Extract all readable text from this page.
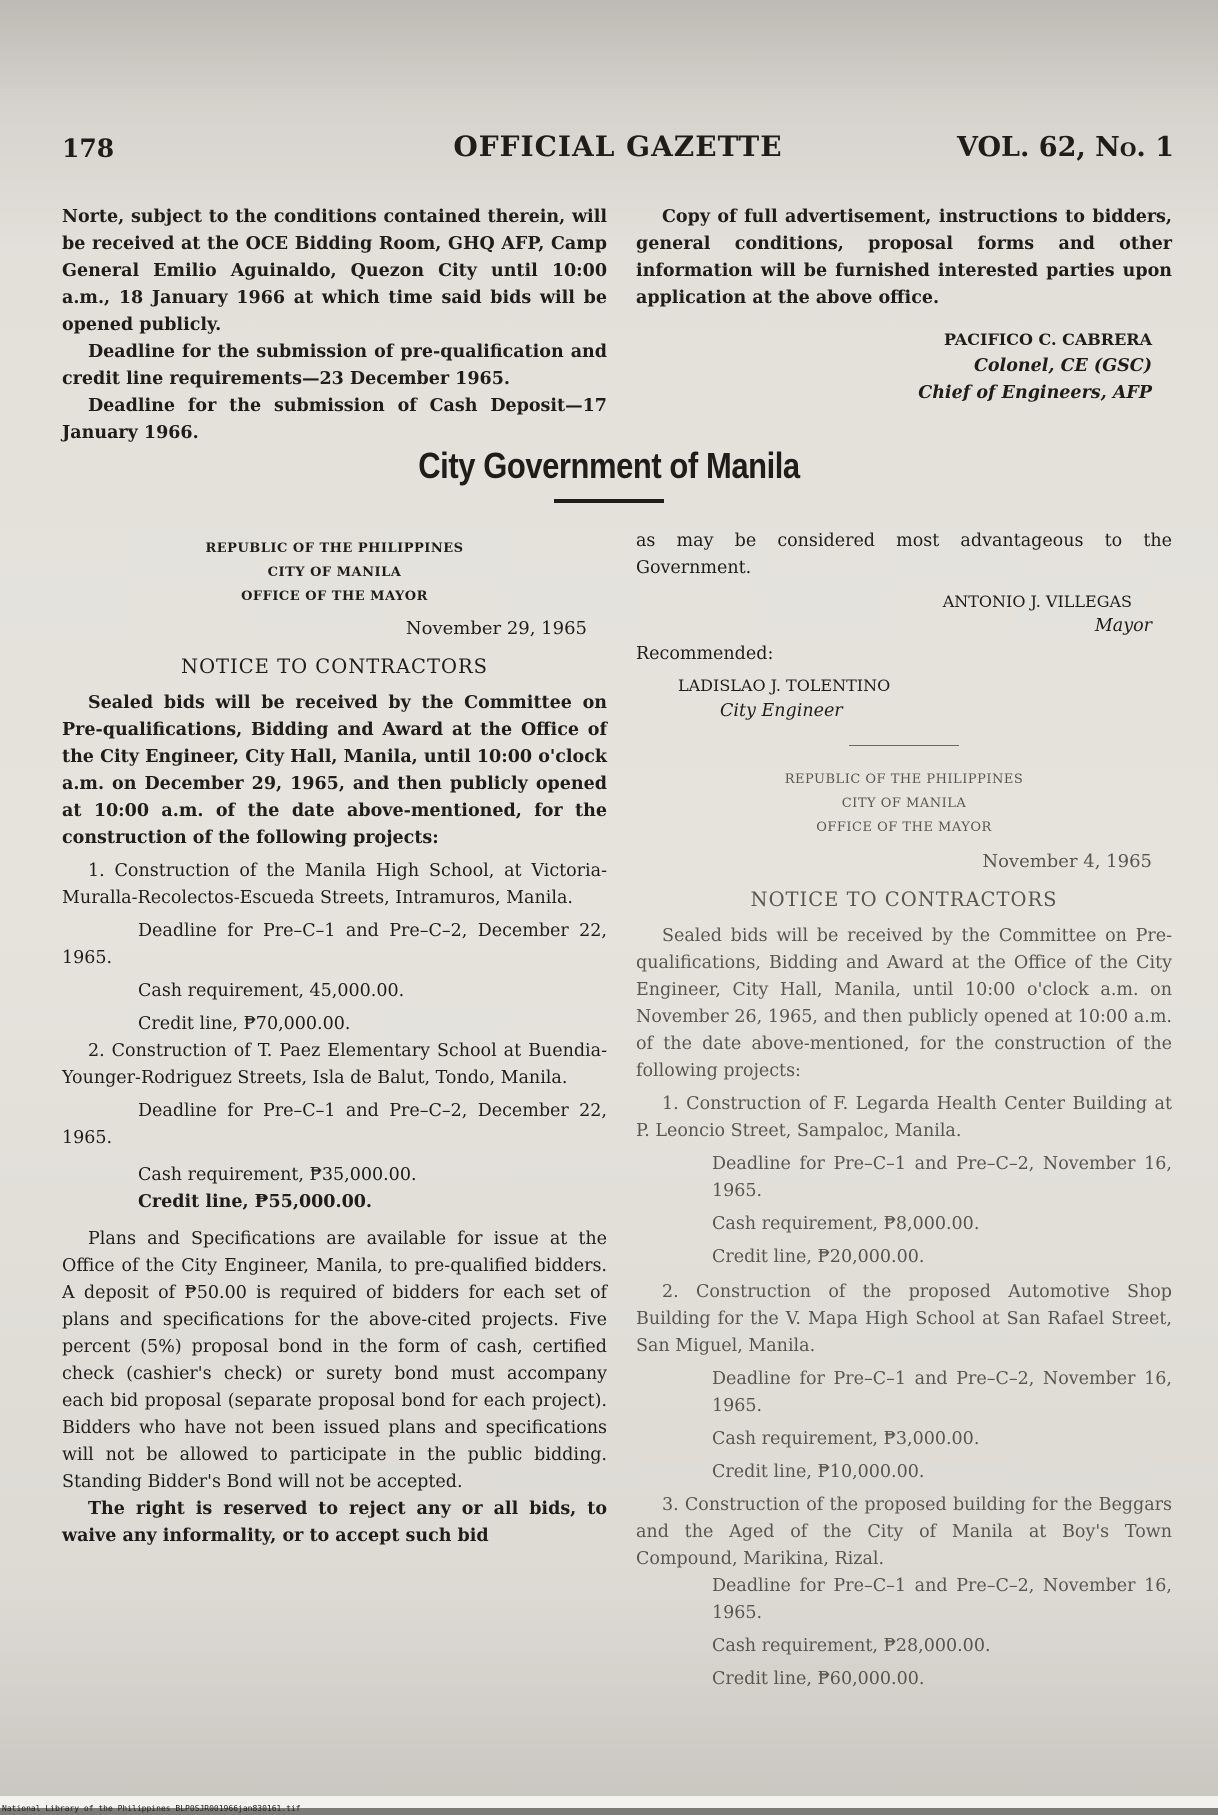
178	OFFICIAL GAZETTE	VOL. 62, No. 1

Norte, subject to the conditions contained therein, will be received at the OCE Bidding Room, GHQ AFP, Camp General Emilio Aguinaldo, Quezon City until 10:00 a.m., 18 January 1966 at which time said bids will be opened publicly.

Deadline for the submission of pre-qualification and credit line requirements—23 December 1965.

Deadline for the submission of Cash Deposit—17 January 1966.

Copy of full advertisement, instructions to bidders, general conditions, proposal forms and other information will be furnished interested parties upon application at the above office.

PACIFICO C. CABRERA

Colonel, CE (GSC)

Chief of Engineers, AFP

City Government of Manila

REPUBLIC OF THE PHILIPPINES

CITY OF MANILA

OFFICE OF THE MAYOR

November 29, 1965

NOTICE TO CONTRACTORS

Sealed bids will be received by the Committee on Pre-qualifications, Bidding and Award at the Office of the City Engineer, City Hall, Manila, until 10:00 o'clock a.m. on December 29, 1965, and then publicly opened at 10:00 a.m. of the date above-mentioned, for the construction of the following projects:

1. Construction of the Manila High School, at Victoria-Muralla-Recolectos-Escueda Streets, Intramuros, Manila.

Deadline for Pre–C–1 and Pre–C–2, December 22, 1965.

Cash requirement, 45,000.00.

Credit line, ₱70,000.00.

2. Construction of T. Paez Elementary School at Buendia-Younger-Rodriguez Streets, Isla de Balut, Tondo, Manila.

Deadline for Pre–C–1 and Pre–C–2, December 22, 1965.

Cash requirement, ₱35,000.00.

Credit line, ₱55,000.00.

Plans and Specifications are available for issue at the Office of the City Engineer, Manila, to pre-qualified bidders. A deposit of ₱50.00 is required of bidders for each set of plans and specifications for the above-cited projects. Five percent (5%) proposal bond in the form of cash, certified check (cashier's check) or surety bond must accompany each bid proposal (separate proposal bond for each project). Bidders who have not been issued plans and specifications will not be allowed to participate in the public bidding. Standing Bidder's Bond will not be accepted.

The right is reserved to reject any or all bids, to waive any informality, or to accept such bid

as may be considered most advantageous to the Government.

ANTONIO J. VILLEGAS

Mayor

Recommended:

LADISLAO J. TOLENTINO

City Engineer

REPUBLIC OF THE PHILIPPINES

CITY OF MANILA

OFFICE OF THE MAYOR

November 4, 1965

NOTICE TO CONTRACTORS

Sealed bids will be received by the Committee on Pre-qualifications, Bidding and Award at the Office of the City Engineer, City Hall, Manila, until 10:00 o'clock a.m. on November 26, 1965, and then publicly opened at 10:00 a.m. of the date above-mentioned, for the construction of the following projects:

1. Construction of F. Legarda Health Center Building at P. Leoncio Street, Sampaloc, Manila.

Deadline for Pre–C–1 and Pre–C–2, November 16, 1965.

Cash requirement, ₱8,000.00.

Credit line, ₱20,000.00.

2. Construction of the proposed Automotive Shop Building for the V. Mapa High School at San Rafael Street, San Miguel, Manila.

Deadline for Pre–C–1 and Pre–C–2, November 16, 1965.

Cash requirement, ₱3,000.00.

Credit line, ₱10,000.00.

3. Construction of the proposed building for the Beggars and the Aged of the City of Manila at Boy's Town Compound, Marikina, Rizal.

Deadline for Pre–C–1 and Pre–C–2, November 16, 1965.

Cash requirement, ₱28,000.00.

Credit line, ₱60,000.00.

National Library of the Philippines BLP0SJR001966jan830161.tif
